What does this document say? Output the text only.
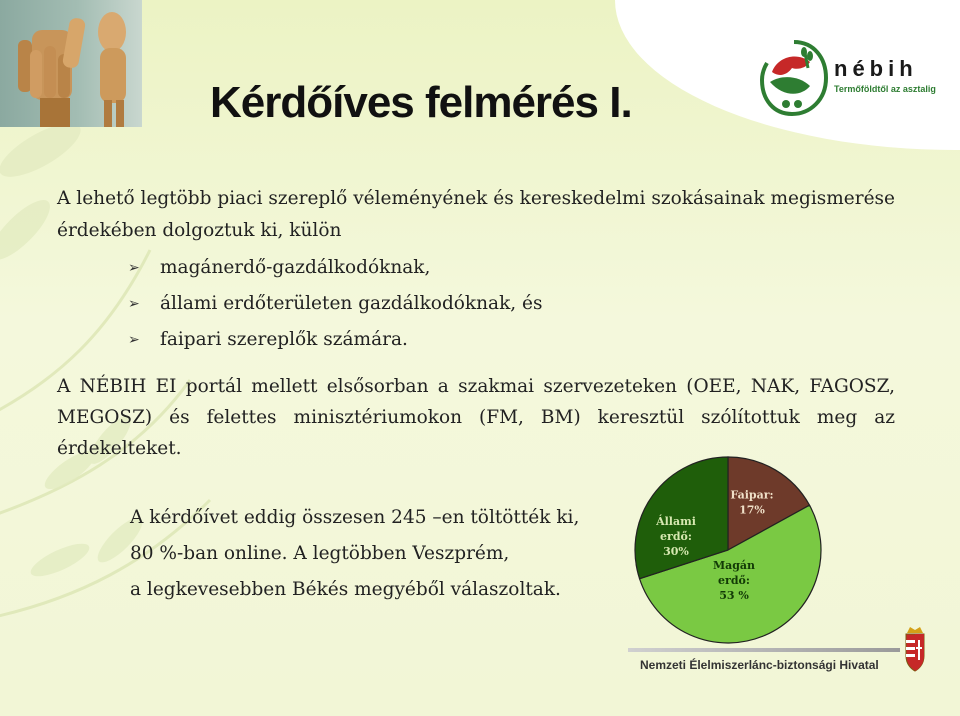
Kérdőíves felmérés I.
nébih
Termőföldtől az asztalig
A lehető legtöbb piaci szereplő véleményének és kereskedelmi szokásainak megismerése érdekében dolgoztuk ki, külön
➢ magánerdő-gazdálkodóknak,
➢ állami erdőterületen gazdálkodóknak, és
➢ faipari szereplők számára.
A NÉBIH EI portál mellett elsősorban a szakmai szervezeteken (OEE, NAK, FAGOSZ, MEGOSZ) és felettes minisztériumokon (FM, BM) keresztül szólítottuk meg az érdekelteket.
A kérdőívet eddig összesen 245 –en töltötték ki,
80 %-ban online. A legtöbben Veszprém,
a legkevesebben Békés megyéből válaszoltak.
Állami erdő: 30%
Faipar: 17%
Magán erdő: 53 %
Nemzeti Élelmiszerlánc-biztonsági Hivatal
